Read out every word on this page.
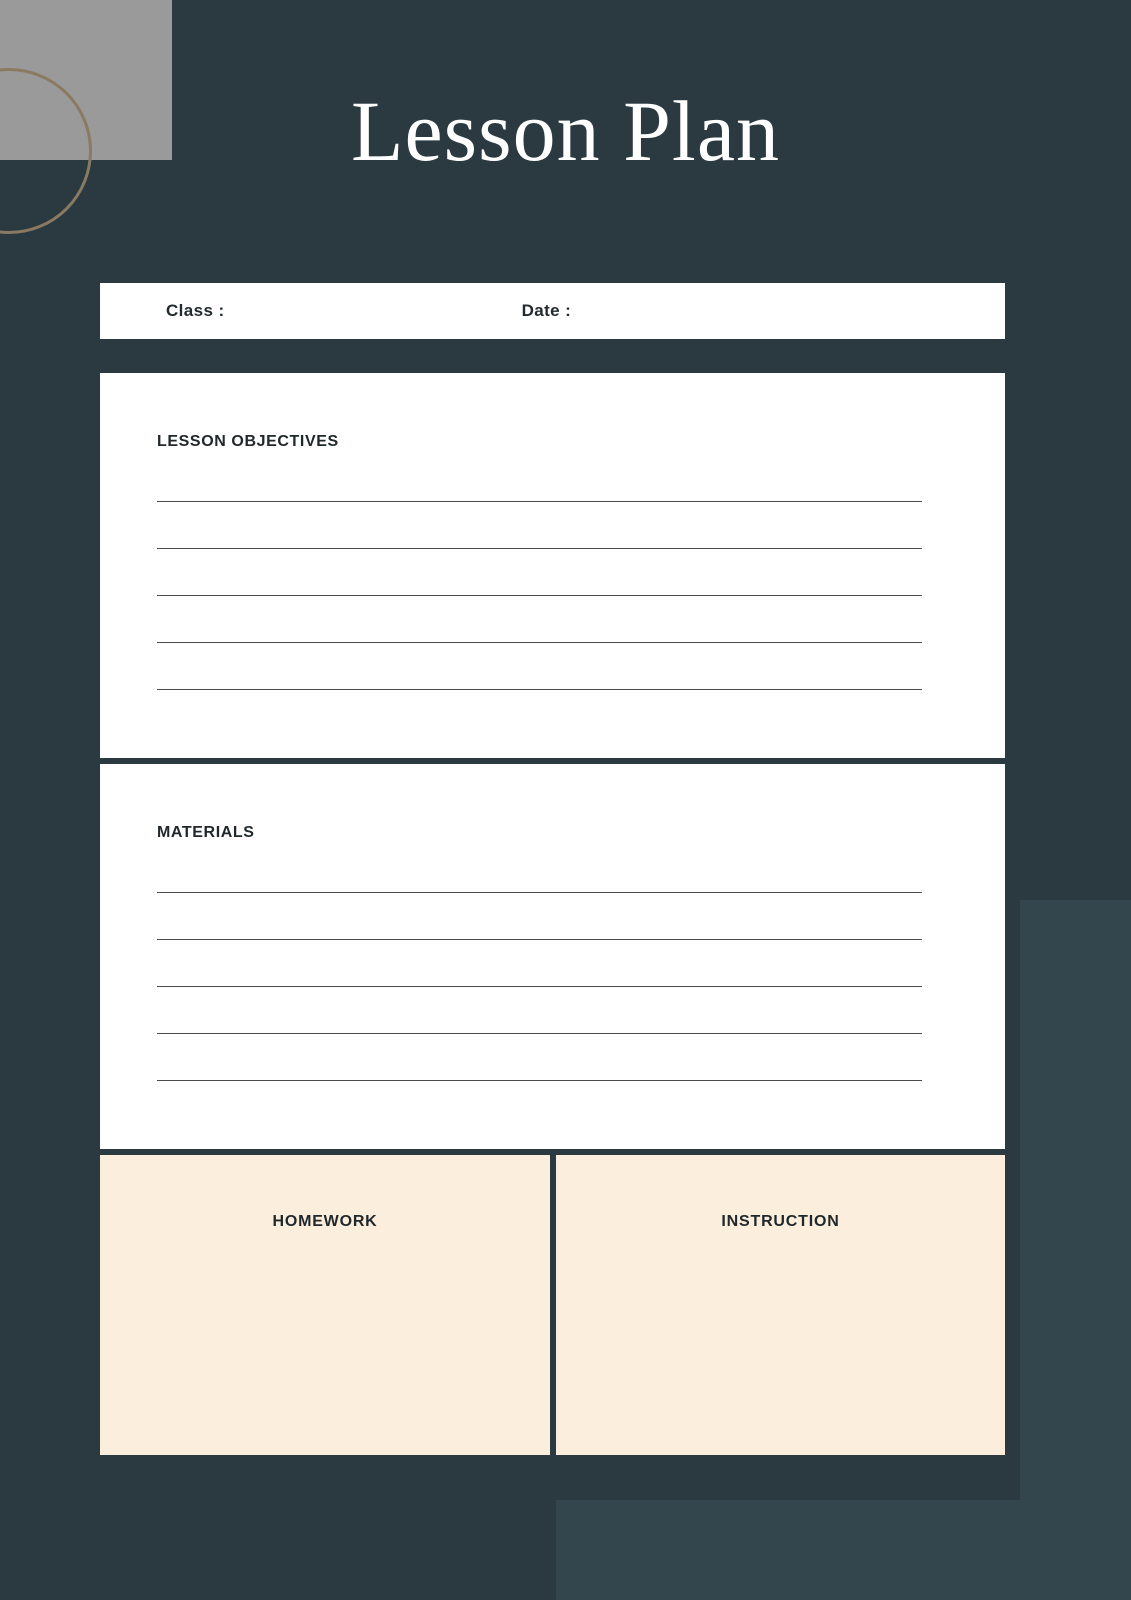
Lesson Plan
Class :	Date :
LESSON OBJECTIVES
MATERIALS
HOMEWORK	INSTRUCTION
